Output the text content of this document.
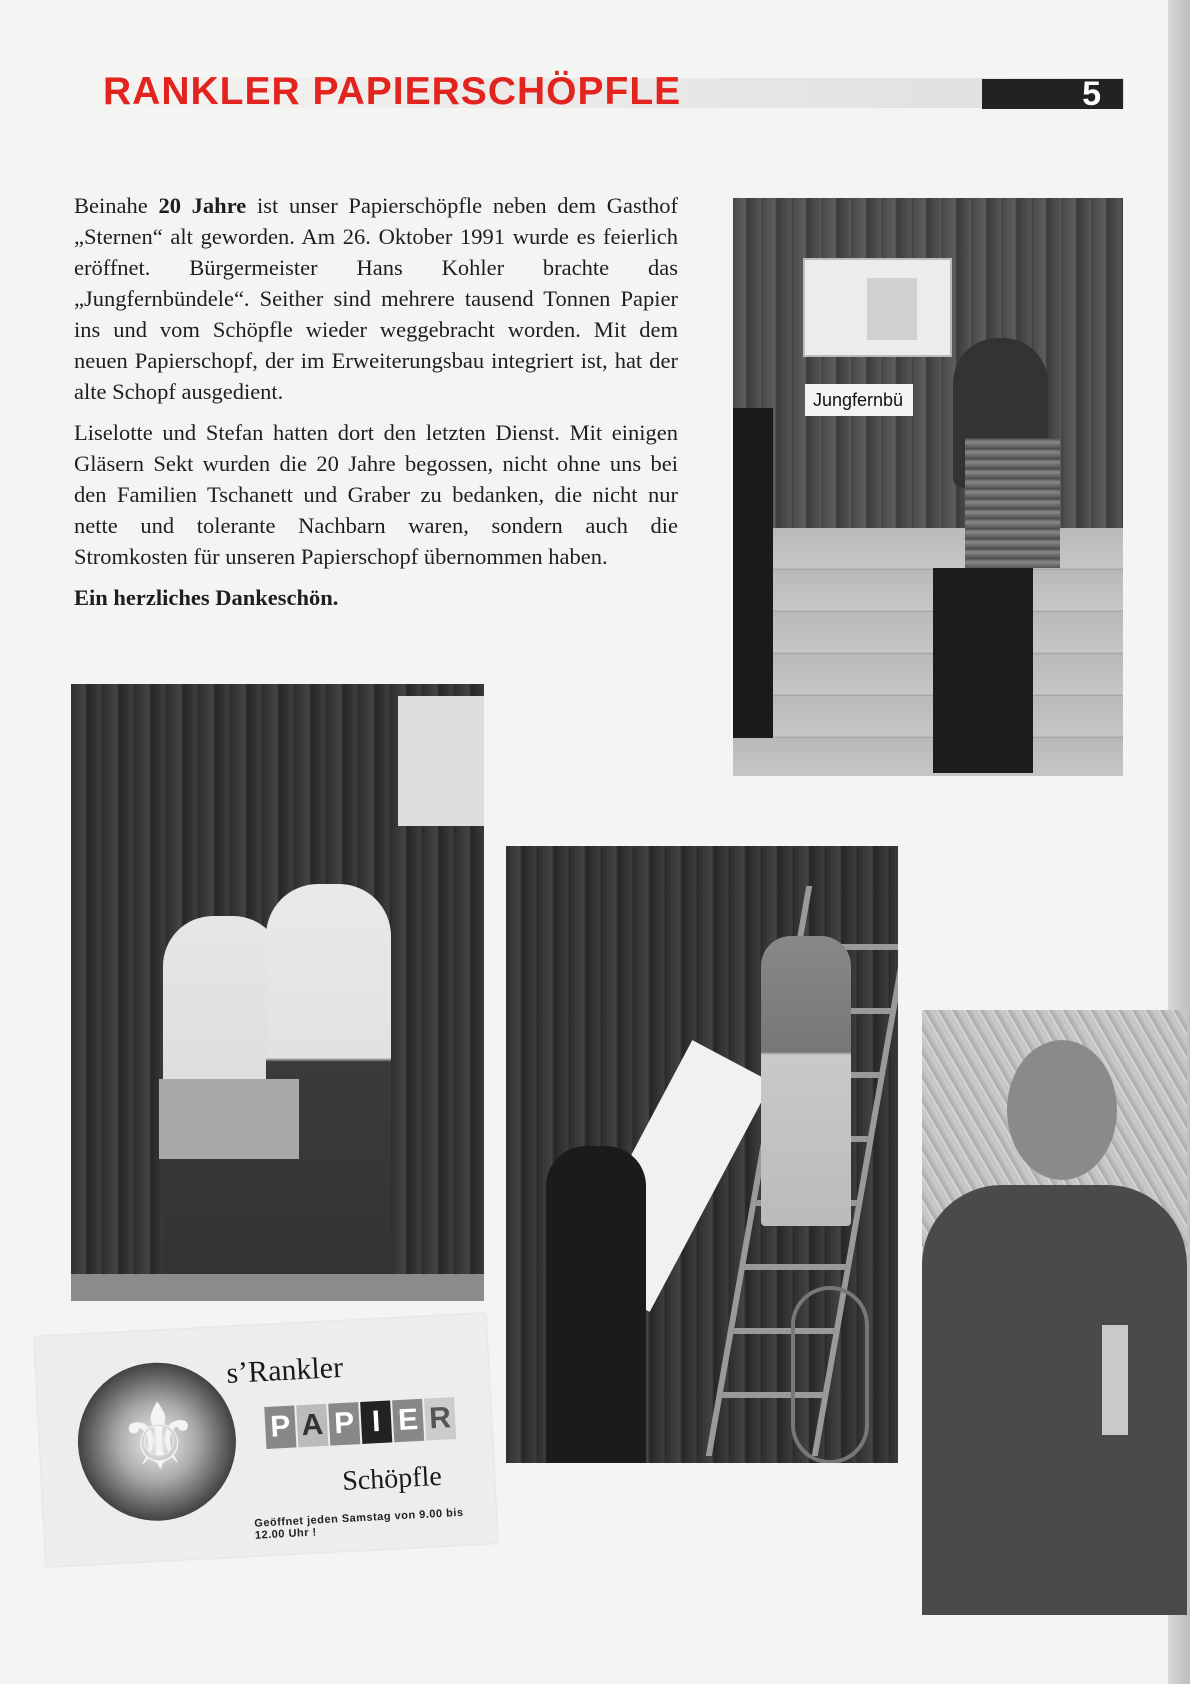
RANKLER PAPIERSCHÖPFLE	5

Beinahe 20 Jahre ist unser Papierschöpfle neben dem Gasthof „Sternen“ alt geworden. Am 26. Oktober 1991 wurde es feierlich eröffnet. Bürgermeister Hans Kohler brachte das „Jungfernbündele“. Seither sind mehrere tausend Tonnen Papier ins und vom Schöpfle wieder weggebracht worden. Mit dem neuen Papierschopf, der im Erweiterungsbau integriert ist, hat der alte Schopf ausgedient.

Liselotte und Stefan hatten dort den letzten Dienst. Mit einigen Gläsern Sekt wurden die 20 Jahre begossen, nicht ohne uns bei den Familien Tschanett und Graber zu bedanken, die nicht nur nette und tolerante Nachbarn waren, sondern auch die Stromkosten für unseren Papierschopf übernommen haben.

Ein herzliches Dankeschön.

Jungfernbü
⚜
s’Rankler
P A P I E R
Schöpfle
Geöffnet jeden Samstag von 9.00 bis 12.00 Uhr !
